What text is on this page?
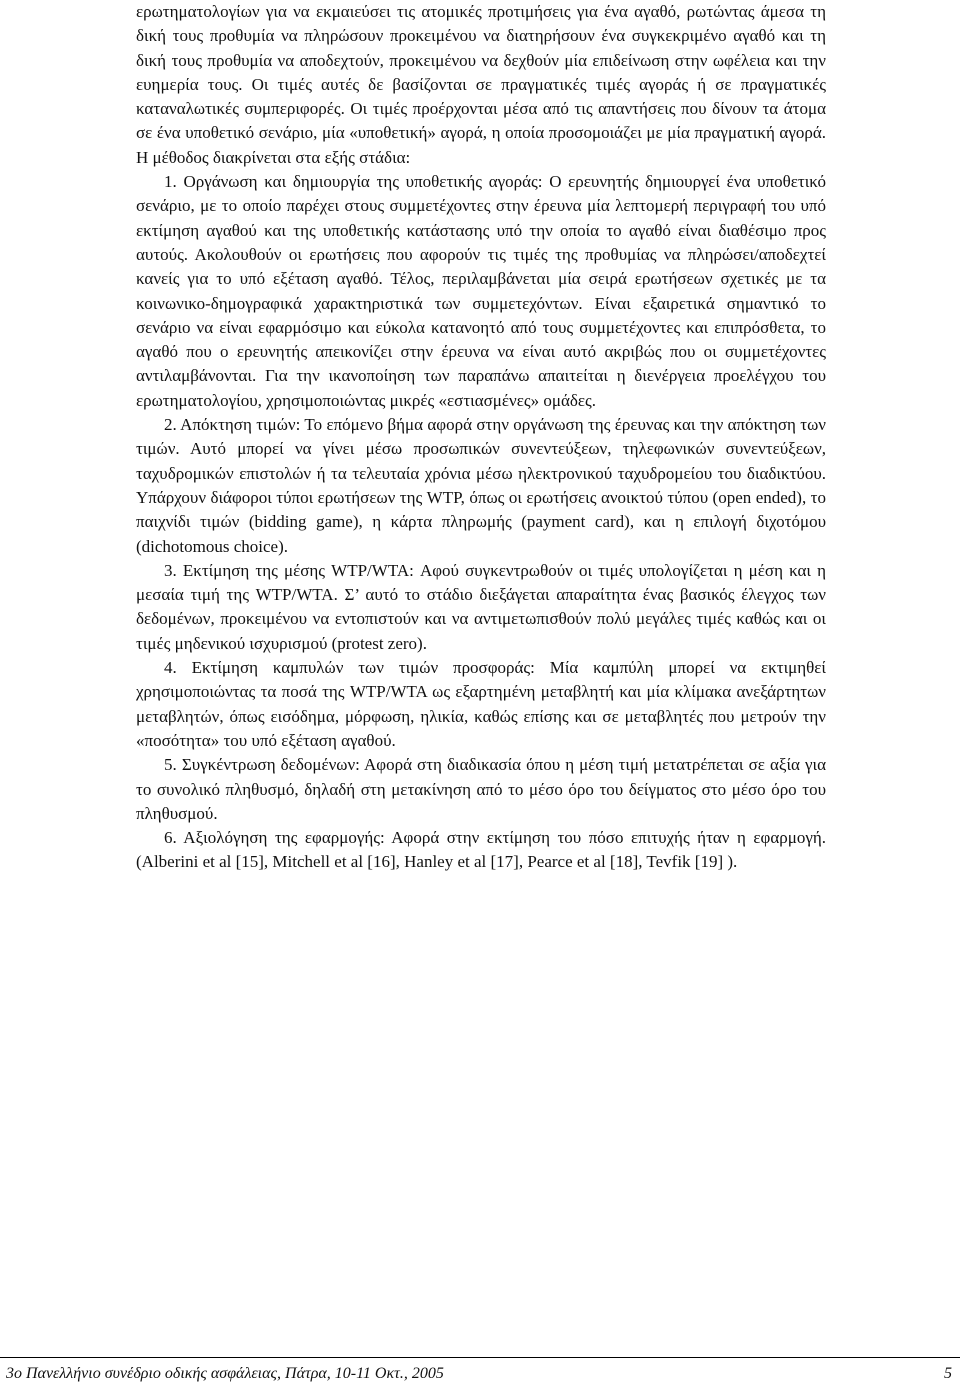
ερωτηματολογίων για να εκμαιεύσει τις ατομικές προτιμήσεις για ένα αγαθό, ρωτώντας άμεσα τη δική τους προθυμία να πληρώσουν προκειμένου να διατηρήσουν ένα συγκεκριμένο αγαθό και τη δική τους προθυμία να αποδεχτούν, προκειμένου να δεχθούν μία επιδείνωση στην ωφέλεια και την ευημερία τους. Οι τιμές αυτές δε βασίζονται σε πραγματικές τιμές αγοράς ή σε πραγματικές καταναλωτικές συμπεριφορές. Οι τιμές προέρχονται μέσα από τις απαντήσεις που δίνουν τα άτομα σε ένα υποθετικό σενάριο, μία «υποθετική» αγορά, η οποία προσομοιάζει με μία πραγματική αγορά. Η μέθοδος διακρίνεται στα εξής στάδια:

1. Οργάνωση και δημιουργία της υποθετικής αγοράς: Ο ερευνητής δημιουργεί ένα υποθετικό σενάριο, με το οποίο παρέχει στους συμμετέχοντες στην έρευνα μία λεπτομερή περιγραφή του υπό εκτίμηση αγαθού και της υποθετικής κατάστασης υπό την οποία το αγαθό είναι διαθέσιμο προς αυτούς. Ακολουθούν οι ερωτήσεις που αφορούν τις τιμές της προθυμίας να πληρώσει/αποδεχτεί κανείς για το υπό εξέταση αγαθό. Τέλος, περιλαμβάνεται μία σειρά ερωτήσεων σχετικές με τα κοινωνικο-δημογραφικά χαρακτηριστικά των συμμετεχόντων. Είναι εξαιρετικά σημαντικό το σενάριο να είναι εφαρμόσιμο και εύκολα κατανοητό από τους συμμετέχοντες και επιπρόσθετα, το αγαθό που ο ερευνητής απεικονίζει στην έρευνα να είναι αυτό ακριβώς που οι συμμετέχοντες αντιλαμβάνονται. Για την ικανοποίηση των παραπάνω απαιτείται η διενέργεια προελέγχου του ερωτηματολογίου, χρησιμοποιώντας μικρές «εστιασμένες» ομάδες.

2. Απόκτηση τιμών: Το επόμενο βήμα αφορά στην οργάνωση της έρευνας και την απόκτηση των τιμών. Αυτό μπορεί να γίνει μέσω προσωπικών συνεντεύξεων, τηλεφωνικών συνεντεύξεων, ταχυδρομικών επιστολών ή τα τελευταία χρόνια μέσω ηλεκτρονικού ταχυδρομείου του διαδικτύου. Υπάρχουν διάφοροι τύποι ερωτήσεων της WTP, όπως οι ερωτήσεις ανοικτού τύπου (open ended), το παιχνίδι τιμών (bidding game), η κάρτα πληρωμής (payment card), και η επιλογή διχοτόμου (dichotomous choice).

3. Εκτίμηση της μέσης WTP/WTA: Αφού συγκεντρωθούν οι τιμές υπολογίζεται η μέση και η μεσαία τιμή της WTP/WTA. Σ’ αυτό το στάδιο διεξάγεται απαραίτητα ένας βασικός έλεγχος των δεδομένων, προκειμένου να εντοπιστούν και να αντιμετωπισθούν πολύ μεγάλες τιμές καθώς και οι τιμές μηδενικού ισχυρισμού (protest zero).

4. Εκτίμηση καμπυλών των τιμών προσφοράς: Μία καμπύλη μπορεί να εκτιμηθεί χρησιμοποιώντας τα ποσά της WTP/WTA ως εξαρτημένη μεταβλητή και μία κλίμακα ανεξάρτητων μεταβλητών, όπως εισόδημα, μόρφωση, ηλικία, καθώς επίσης και σε μεταβλητές που μετρούν την «ποσότητα» του υπό εξέταση αγαθού.

5. Συγκέντρωση δεδομένων: Αφορά στη διαδικασία όπου η μέση τιμή μετατρέπεται σε αξία για το συνολικό πληθυσμό, δηλαδή στη μετακίνηση από το μέσο όρο του δείγματος στο μέσο όρο του πληθυσμού.

6. Αξιολόγηση της εφαρμογής: Αφορά στην εκτίμηση του πόσο επιτυχής ήταν η εφαρμογή. (Alberini et al [15], Mitchell et al [16], Hanley et al [17], Pearce et al [18], Tevfik [19] ).

3ο Πανελλήνιο συνέδριο οδικής ασφάλειας, Πάτρα, 10-11 Οκτ., 2005	5
